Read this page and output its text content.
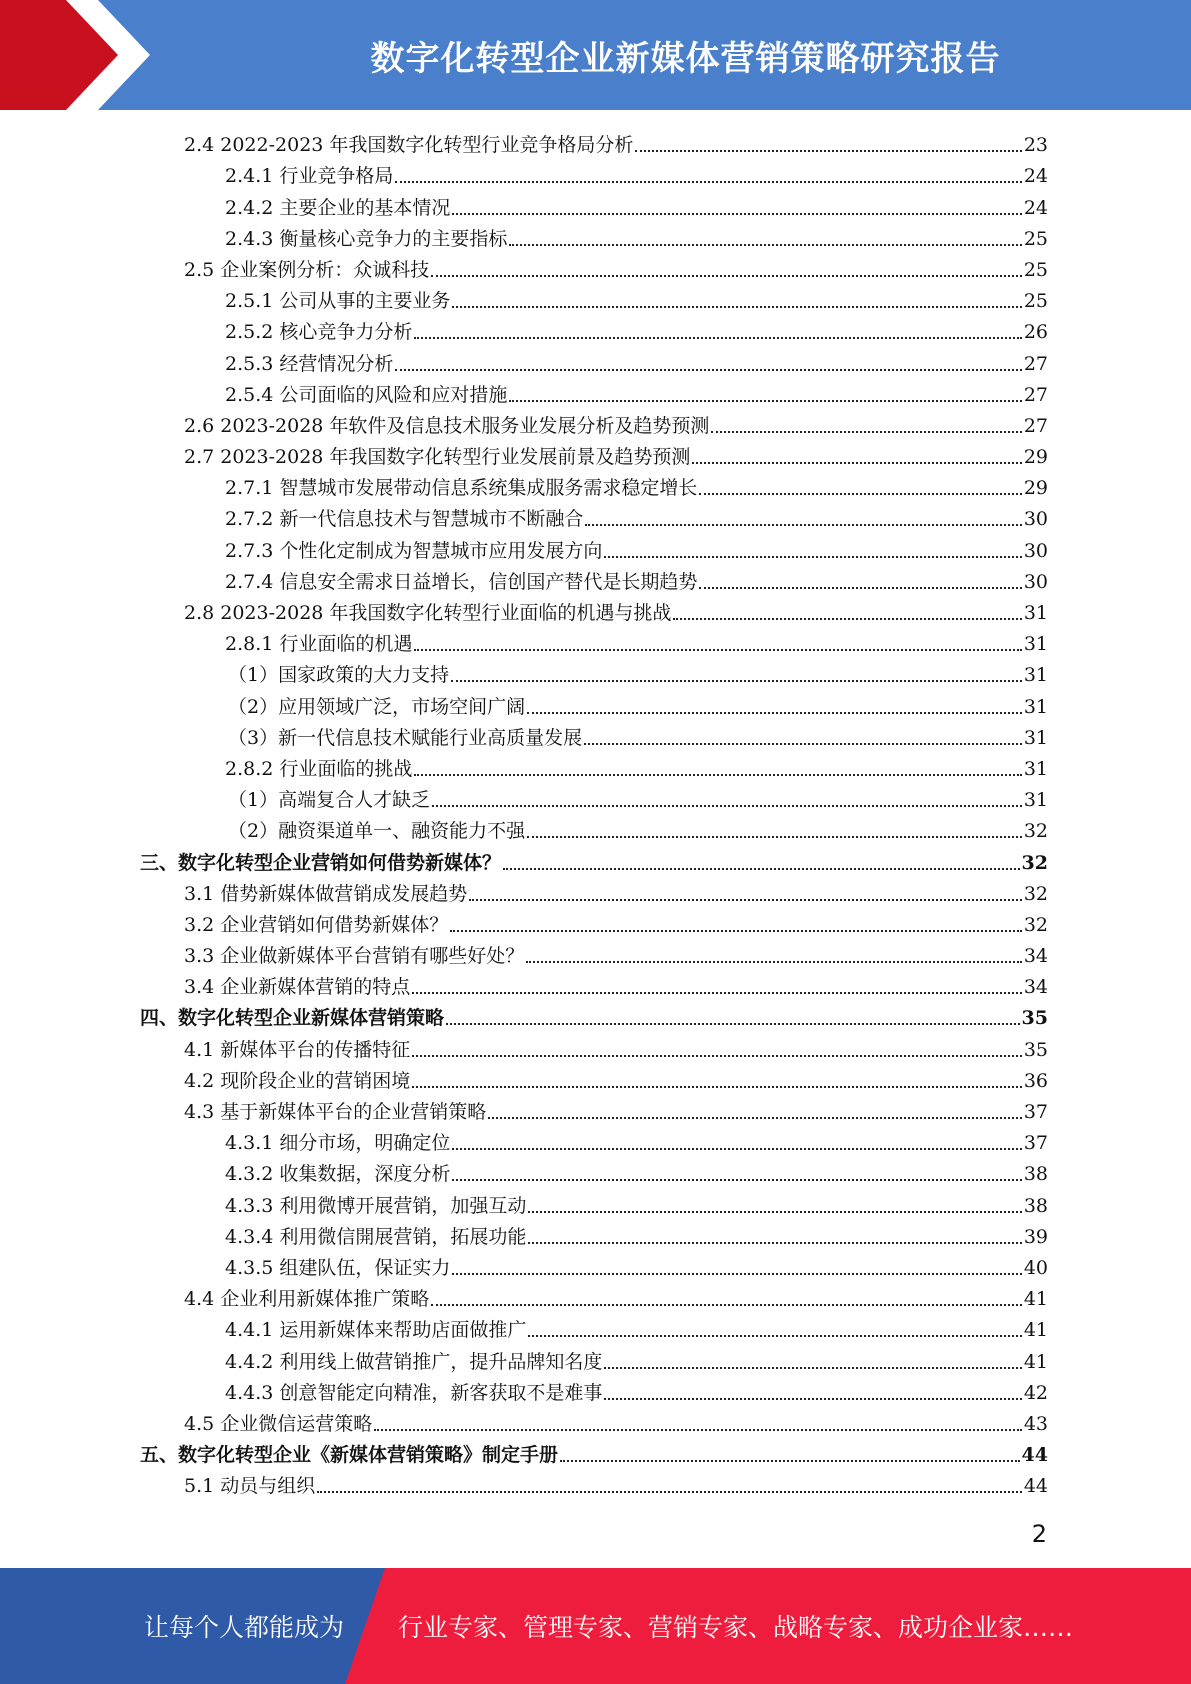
数字化转型企业新媒体营销策略研究报告
2.4 2022-2023 年我国数字化转型行业竞争格局分析	23
2.4.1 行业竞争格局	24
2.4.2 主要企业的基本情况	24
2.4.3 衡量核心竞争力的主要指标	25
2.5 企业案例分析：众诚科技	25
2.5.1 公司从事的主要业务	25
2.5.2 核心竞争力分析	26
2.5.3 经营情况分析	27
2.5.4 公司面临的风险和应对措施	27
2.6 2023-2028 年软件及信息技术服务业发展分析及趋势预测	27
2.7 2023-2028 年我国数字化转型行业发展前景及趋势预测	29
2.7.1 智慧城市发展带动信息系统集成服务需求稳定增长	29
2.7.2 新一代信息技术与智慧城市不断融合	30
2.7.3 个性化定制成为智慧城市应用发展方向	30
2.7.4 信息安全需求日益增长，信创国产替代是长期趋势	30
2.8 2023-2028 年我国数字化转型行业面临的机遇与挑战	31
2.8.1 行业面临的机遇	31
（1）国家政策的大力支持	31
（2）应用领域广泛，市场空间广阔	31
（3）新一代信息技术赋能行业高质量发展	31
2.8.2 行业面临的挑战	31
（1）高端复合人才缺乏	31
（2）融资渠道单一、融资能力不强	32
三、数字化转型企业营销如何借势新媒体？	32
3.1 借势新媒体做营销成发展趋势	32
3.2 企业营销如何借势新媒体？	32
3.3 企业做新媒体平台营销有哪些好处？	34
3.4 企业新媒体营销的特点	34
四、数字化转型企业新媒体营销策略	35
4.1 新媒体平台的传播特征	35
4.2 现阶段企业的营销困境	36
4.3 基于新媒体平台的企业营销策略	37
4.3.1 细分市场，明确定位	37
4.3.2 收集数据，深度分析	38
4.3.3 利用微博开展营销，加强互动	38
4.3.4 利用微信開展营销，拓展功能	39
4.3.5 组建队伍，保证实力	40
4.4 企业利用新媒体推广策略	41
4.4.1 运用新媒体来帮助店面做推广	41
4.4.2 利用线上做营销推广，提升品牌知名度	41
4.4.3 创意智能定向精准，新客获取不是难事	42
4.5 企业微信运营策略	43
五、数字化转型企业《新媒体营销策略》制定手册	44
5.1 动员与组织	44
2
让每个人都能成为 行业专家、管理专家、营销专家、战略专家、成功企业家……
